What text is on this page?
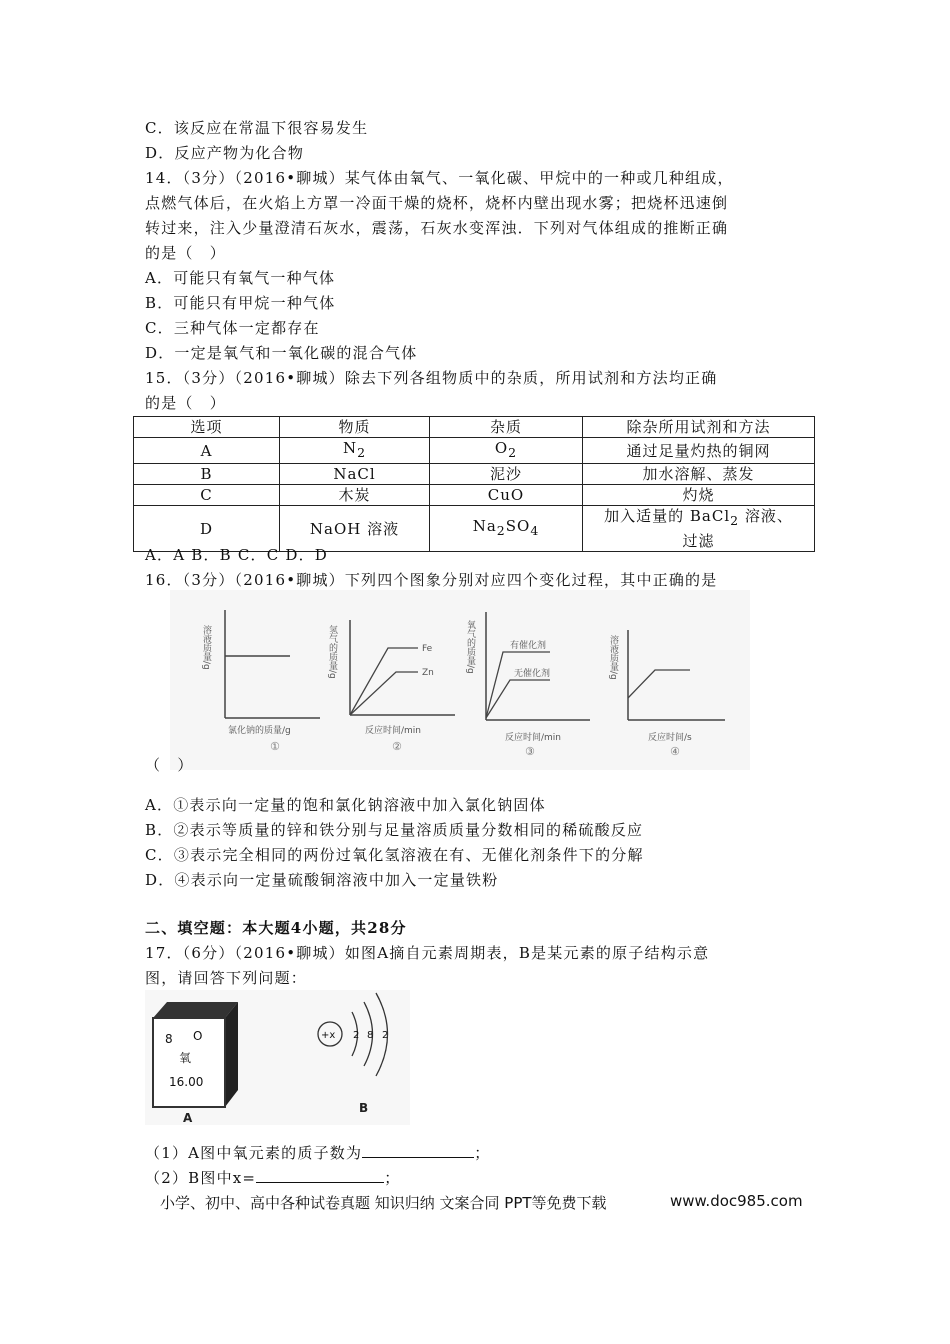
C．该反应在常温下很容易发生
D．反应产物为化合物
14．（3分）（2016•聊城）某气体由氧气、一氧化碳、甲烷中的一种或几种组成，
点燃气体后，在火焰上方罩一冷面干燥的烧杯，烧杯内壁出现水雾；把烧杯迅速倒
转过来，注入少量澄清石灰水，震荡，石灰水变浑浊．下列对气体组成的推断正确
的是（　）
A．可能只有氧气一种气体
B．可能只有甲烷一种气体
C．三种气体一定都存在
D．一定是氧气和一氧化碳的混合气体
15．（3分）（2016•聊城）除去下列各组物质中的杂质，所用试剂和方法均正确
的是（　）
选项	物质	杂质	除杂所用试剂和方法
A	$N_2$	$O_2$	通过足量灼热的铜网
B	NaCl	泥沙	加水溶解、蒸发
C	木炭	CuO	灼烧
D	NaOH 溶液	$Na_2SO_4$	加入适量的 BaCl$_2$ 溶液、
过滤
A．A B．B C．C D．D
16．（3分）（2016•聊城）下列四个图象分别对应四个变化过程，其中正确的是
溶液质量/g
氯化钠的质量/g
①
氢气的质量/g	Fe
Zn
反应时间/min
②
氧气的质量/g	有催化剂
无催化剂
反应时间/min
③
溶液质量/g
反应时间/s
④
（　）
A．①表示向一定量的饱和氯化钠溶液中加入氯化钠固体
B．②表示等质量的锌和铁分别与足量溶质质量分数相同的稀硫酸反应
C．③表示完全相同的两份过氧化氢溶液在有、无催化剂条件下的分解
D．④表示向一定量硫酸铜溶液中加入一定量铁粉
二、填空题：本大题4小题，共28分
17．（6分）（2016•聊城）如图A摘自元素周期表，B是某元素的原子结构示意
图，请回答下列问题：
8 O
氧
16.00
A
+x 2 8 2
B
（1）A图中氧元素的质子数为	；
（2）B图中x=	；
小学、初中、高中各种试卷真题 知识归纳 文案合同 PPT等免费下载	www.doc985.com
